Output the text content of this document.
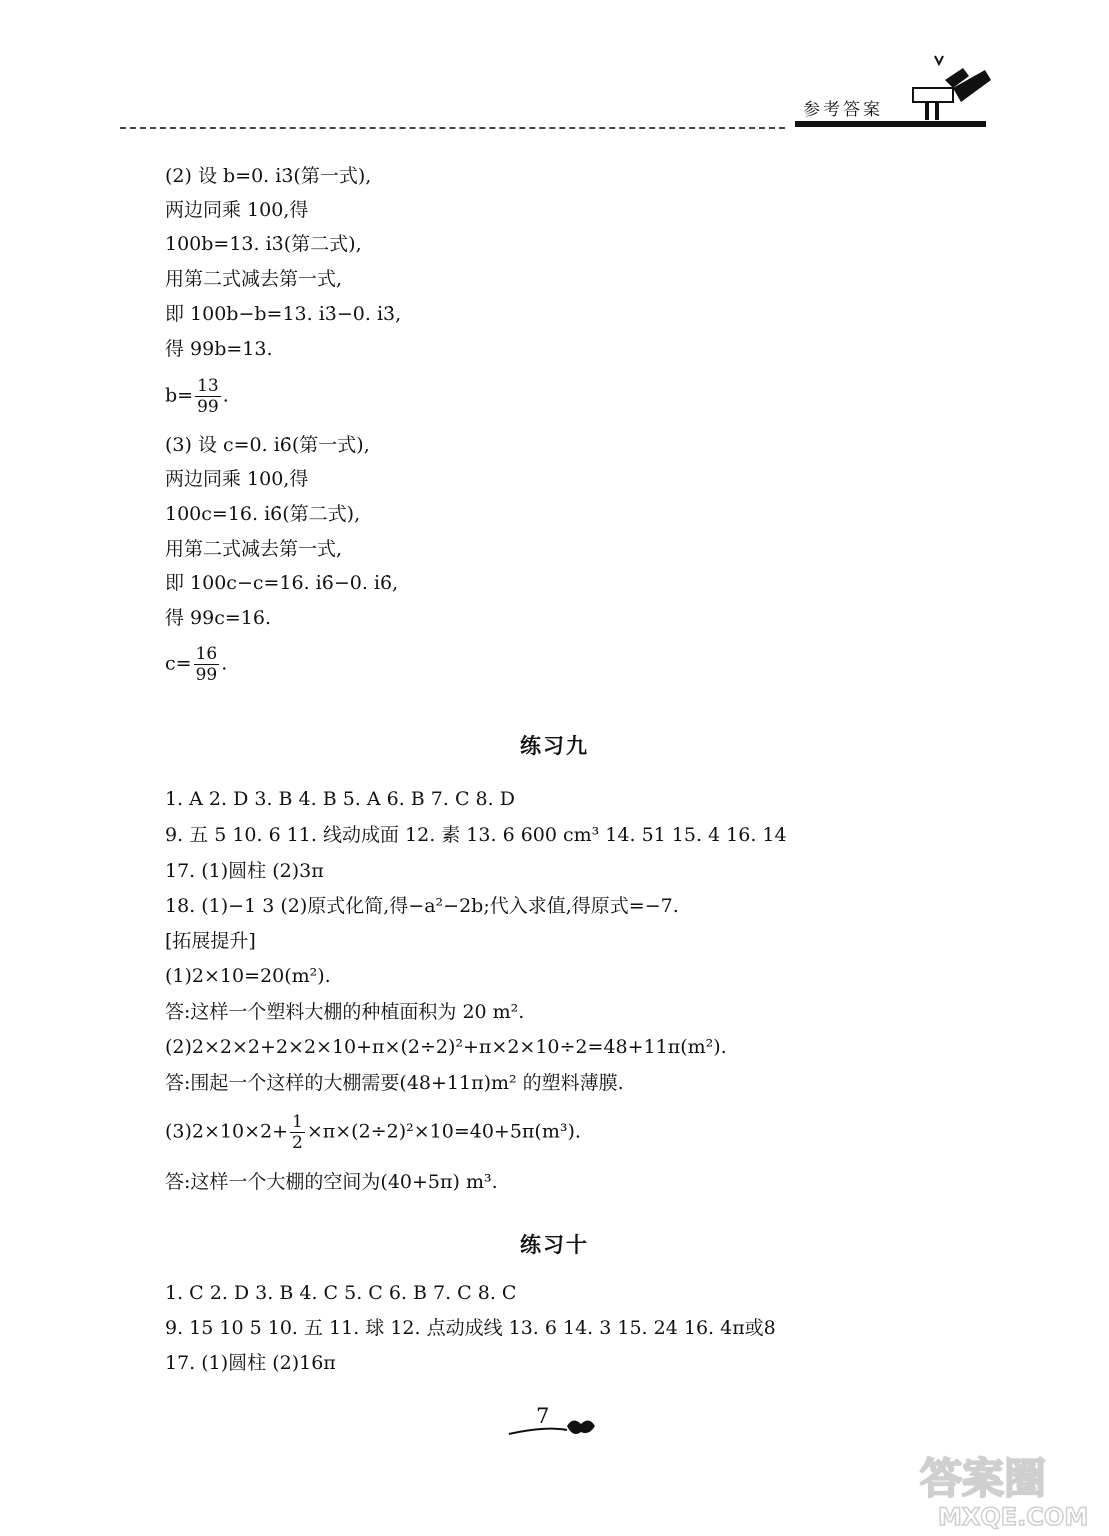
参考答案
(2) 设 b=0. i̇3̇(第一式),
两边同乘 100,得
100b=13. i̇3̇(第二式),
用第二式减去第一式,
即 100b−b=13. i̇3̇−0. i̇3̇,
得 99b=13.
$b= \frac{13}{99}$ .
(3) 设 c=0. i̇6̇(第一式),
两边同乘 100,得
100c=16. i̇6̇(第二式),
用第二式减去第一式,
即 100c−c=16. i̇6̇−0. i̇6̇,
得 99c=16.
$c= \frac{16}{99}$ .
练习九
1. A 2. D 3. B 4. B 5. A 6. B 7. C 8. D
9. 五 5 10. 6 11. 线动成面 12. 素 13. 6 600 cm³ 14. 51 15. 4 16. 14
17. (1)圆柱 (2)3π
18. (1)−1 3 (2)原式化简,得−a²−2b;代入求值,得原式=−7.
[拓展提升]
(1)2×10=20(m²).
答:这样一个塑料大棚的种植面积为 20 m².
(2)2×2×2+2×2×10+π×(2÷2)²+π×2×10÷2=48+11π(m²).
答:围起一个这样的大棚需要(48+11π)m² 的塑料薄膜.
$(3)2\times 10\times 2+ \frac{1}{2} \times\pi\times(2\div 2)^2\times 10=40+5\pi(m^3)$.
答:这样一个大棚的空间为(40+5π) m³.
练习十
1. C 2. D 3. B 4. C 5. C 6. B 7. C 8. C
9. 15 10 5 10. 五 11. 球 12. 点动成线 13. 6 14. 3 15. 24 16. 4π或8
17. (1)圆柱 (2)16π
7
答案圈
MXQE.COM
